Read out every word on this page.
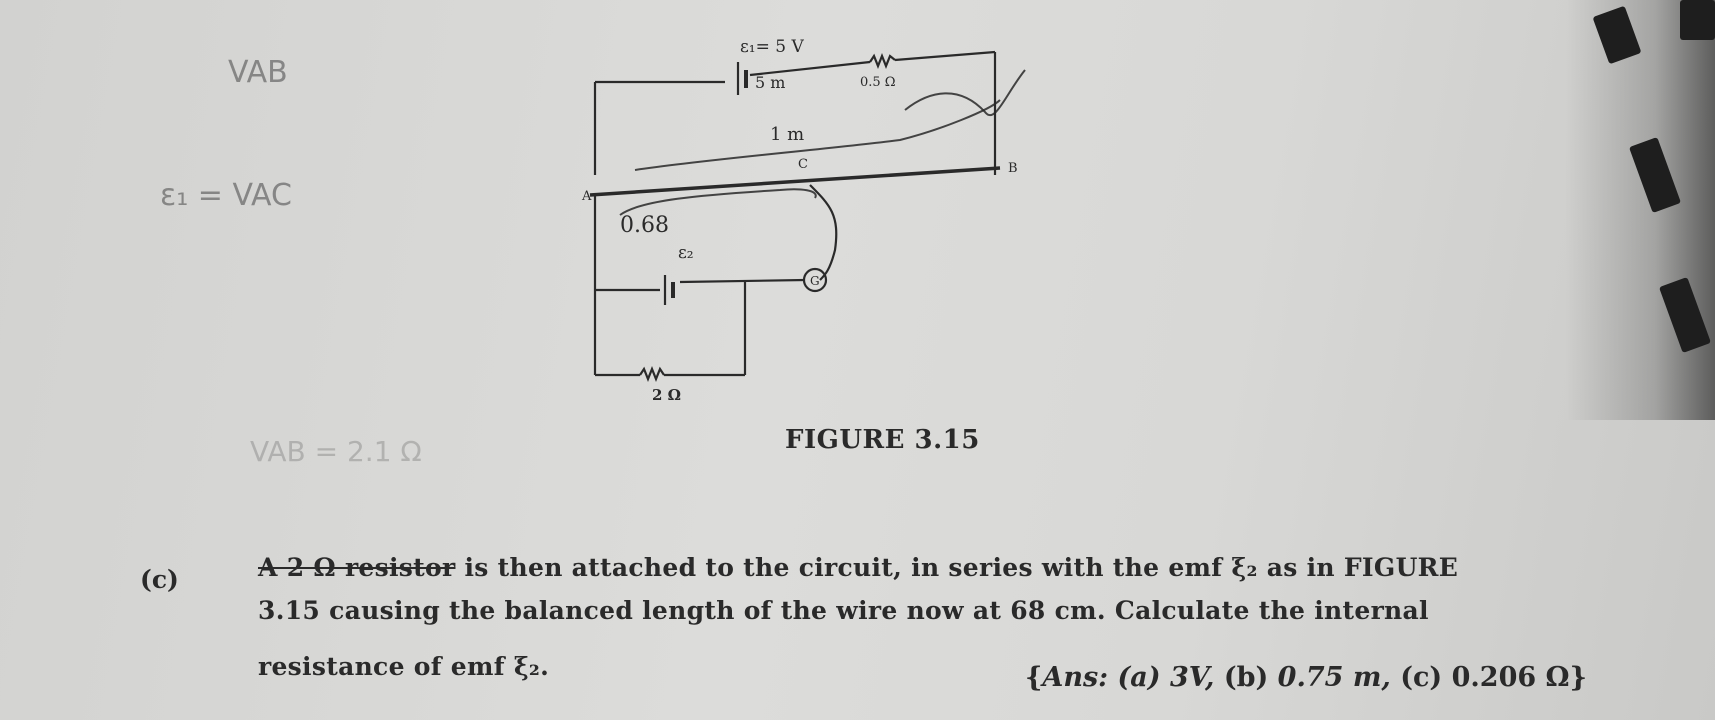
ε₁= 5 V
0.5 Ω
A
B
C
ε₂
G
2 Ω
0.68
1 m
5 m
VAB
ε₁ = VAC
VAB = 2.1 Ω	FIGURE 3.15
(c)	A 2 Ω resistor is then attached to the circuit, in series with the emf ξ₂ as in FIGURE
3.15 causing the balanced length of the wire now at 68 cm. Calculate the internal
resistance of emf ξ₂.	{Ans: (a) 3V, (b) 0.75 m, (c) 0.206 Ω}
